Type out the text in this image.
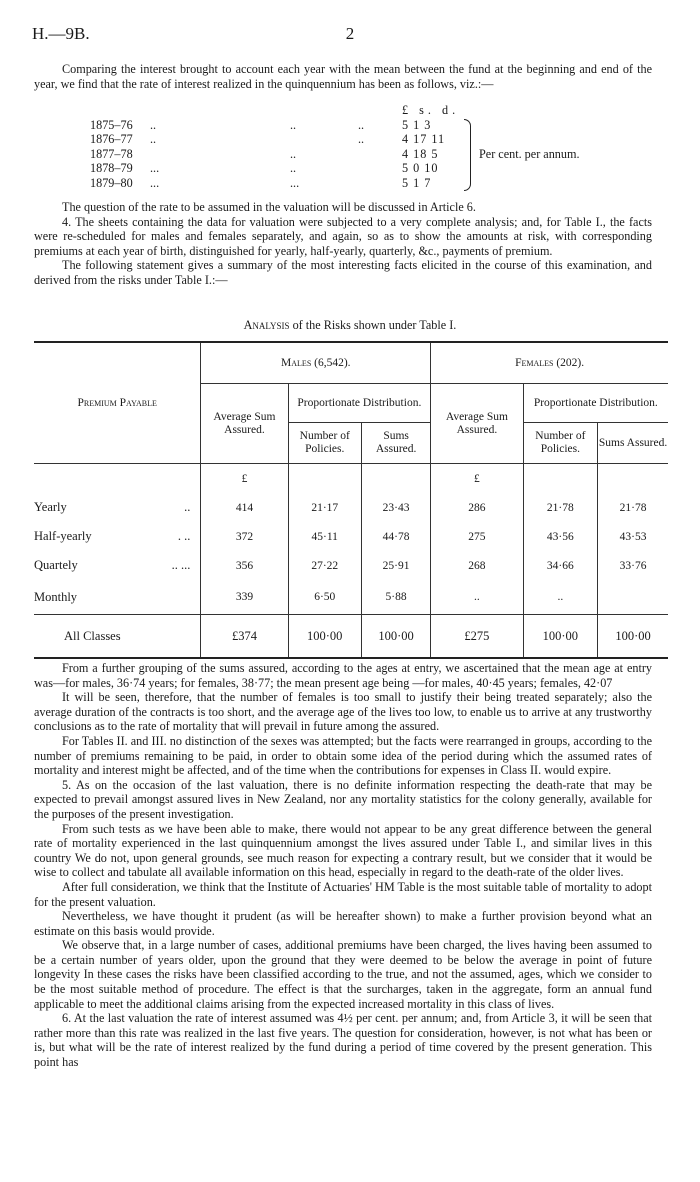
H.—9B.	2

Comparing the interest brought to account each year with the mean between the fund at the beginning and end of the year, we find that the rate of interest realized in the quinquennium has been as follows, viz.:—

£ s. d.
1875–76 ..	..	..	5 1 3
1876–77 ..	..	4 17 11
1877–78	..	4 18 5
1878–79 ...	..	5 0 10
1879–80 ...	...	5 1 7
Per cent. per annum.

The question of the rate to be assumed in the valuation will be discussed in Article 6.

4. The sheets containing the data for valuation were subjected to a very complete analysis; and, for Table I., the facts were re-scheduled for males and females separately, and again, so as to show the amounts at risk, with corresponding premiums at each year of birth, distinguished for yearly, half-yearly, quarterly, &c., payments of premium.

The following statement gives a summary of the most interesting facts elicited in the course of this examination, and derived from the risks under Table I.:—

Analysis of the Risks shown under Table I.
Premium Payable	Males (6,542).			Females (202).		
	Average Sum Assured.	Proportionate Distribution.		Average Sum Assured.	Proportionate Distribution.	
		Number of Policies.	Sums Assured.		Number of Policies.	Sums Assured.
	£			£		
Yearly ..	414	21·17	23·43	286	21·78	21·78
Half-yearly . ..	372	45·11	44·78	275	43·56	43·53
Quartely .. ...	356	27·22	25·91	268	34·66	33·76
Monthly	339	6·50	5·88	..	..	
All Classes	£374	100·00	100·00	£275	100·00	100·00

From a further grouping of the sums assured, according to the ages at entry, we ascertained that the mean age at entry was—for males, 36·74 years; for females, 38·77; the mean present age being —for males, 40·45 years; females, 42·07

It will be seen, therefore, that the number of females is too small to justify their being treated separately; also the average duration of the contracts is too short, and the average age of the lives too low, to enable us to arrive at any trustworthy conclusions as to the rate of mortality that will prevail in future among the assured.

For Tables II. and III. no distinction of the sexes was attempted; but the facts were rearranged in groups, according to the number of premiums remaining to be paid, in order to obtain some idea of the period during which the assumed rates of mortality and interest might be affected, and of the time when the contributions for expenses in Class II. would expire.

5. As on the occasion of the last valuation, there is no definite information respecting the death-rate that may be expected to prevail amongst assured lives in New Zealand, nor any mortality statistics for the colony generally, available for the purposes of the present investigation.

From such tests as we have been able to make, there would not appear to be any great difference between the general rate of mortality experienced in the last quinquennium amongst the lives assured under Table I., and similar lives in this country We do not, upon general grounds, see much reason for expecting a contrary result, but we consider that it would be wise to collect and tabulate all available information on this head, especially in regard to the death-rate of the older lives.

After full consideration, we think that the Institute of Actuaries' HM Table is the most suitable table of mortality to adopt for the present valuation.

Nevertheless, we have thought it prudent (as will be hereafter shown) to make a further provision beyond what an estimate on this basis would provide.

We observe that, in a large number of cases, additional premiums have been charged, the lives having been assumed to be a certain number of years older, upon the ground that they were deemed to be below the average in point of future longevity In these cases the risks have been classified according to the true, and not the assumed, ages, which we consider to be the most suitable method of procedure. The effect is that the surcharges, taken in the aggregate, form an annual fund applicable to meet the additional claims arising from the expected increased mortality in this class of lives.

6. At the last valuation the rate of interest assumed was 4½ per cent. per annum; and, from Article 3, it will be seen that rather more than this rate was realized in the last five years. The question for consideration, however, is not what has been or is, but what will be the rate of interest realized by the fund during a period of time covered by the present generation. This point has
